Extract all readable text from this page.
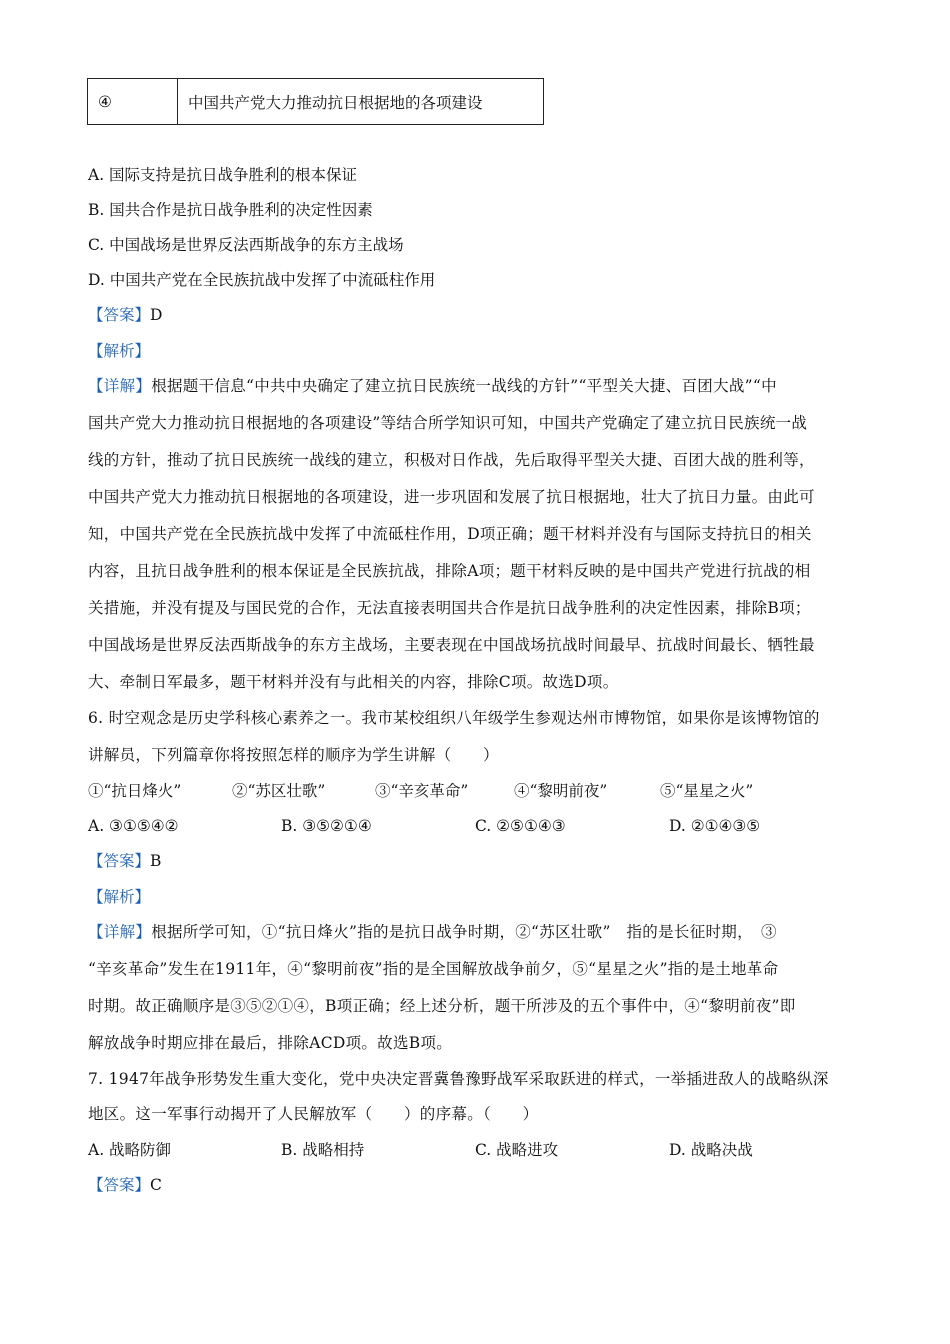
④	中国共产党大力推动抗日根据地的各项建设
A. 国际支持是抗日战争胜利的根本保证
B. 国共合作是抗日战争胜利的决定性因素
C. 中国战场是世界反法西斯战争的东方主战场
D. 中国共产党在全民族抗战中发挥了中流砥柱作用
【答案】D
【解析】
【详解】根据题干信息“中共中央确定了建立抗日民族统一战线的方针”“平型关大捷、百团大战”“中
国共产党大力推动抗日根据地的各项建设”等结合所学知识可知，中国共产党确定了建立抗日民族统一战
线的方针，推动了抗日民族统一战线的建立，积极对日作战，先后取得平型关大捷、百团大战的胜利等，
中国共产党大力推动抗日根据地的各项建设，进一步巩固和发展了抗日根据地，壮大了抗日力量。由此可
知，中国共产党在全民族抗战中发挥了中流砥柱作用，D项正确；题干材料并没有与国际支持抗日的相关
内容，且抗日战争胜利的根本保证是全民族抗战，排除A项；题干材料反映的是中国共产党进行抗战的相
关措施，并没有提及与国民党的合作，无法直接表明国共合作是抗日战争胜利的决定性因素，排除B项；
中国战场是世界反法西斯战争的东方主战场，主要表现在中国战场抗战时间最早、抗战时间最长、牺牲最
大、牵制日军最多，题干材料并没有与此相关的内容，排除C项。故选D项。
6. 时空观念是历史学科核心素养之一。我市某校组织八年级学生参观达州市博物馆，如果你是该博物馆的
讲解员，下列篇章你将按照怎样的顺序为学生讲解（　　）
①“抗日烽火”	②“苏区壮歌”	③“辛亥革命”	④“黎明前夜”	⑤“星星之火”
A. ③①⑤④②	B. ③⑤②①④	C. ②⑤①④③	D. ②①④③⑤
【答案】B
【解析】
【详解】根据所学可知，①“抗日烽火”指的是抗日战争时期，②“苏区壮歌”　指的是长征时期，　③
“辛亥革命”发生在1911年，④“黎明前夜”指的是全国解放战争前夕，⑤“星星之火”指的是土地革命
时期。故正确顺序是③⑤②①④，B项正确；经上述分析，题干所涉及的五个事件中，④“黎明前夜”即
解放战争时期应排在最后，排除ACD项。故选B项。
7. 1947年战争形势发生重大变化，党中央决定晋冀鲁豫野战军采取跃进的样式，一举插进敌人的战略纵深
地区。这一军事行动揭开了人民解放军（　　）的序幕。（　　）
A. 战略防御	B. 战略相持	C. 战略进攻	D. 战略决战
【答案】C
